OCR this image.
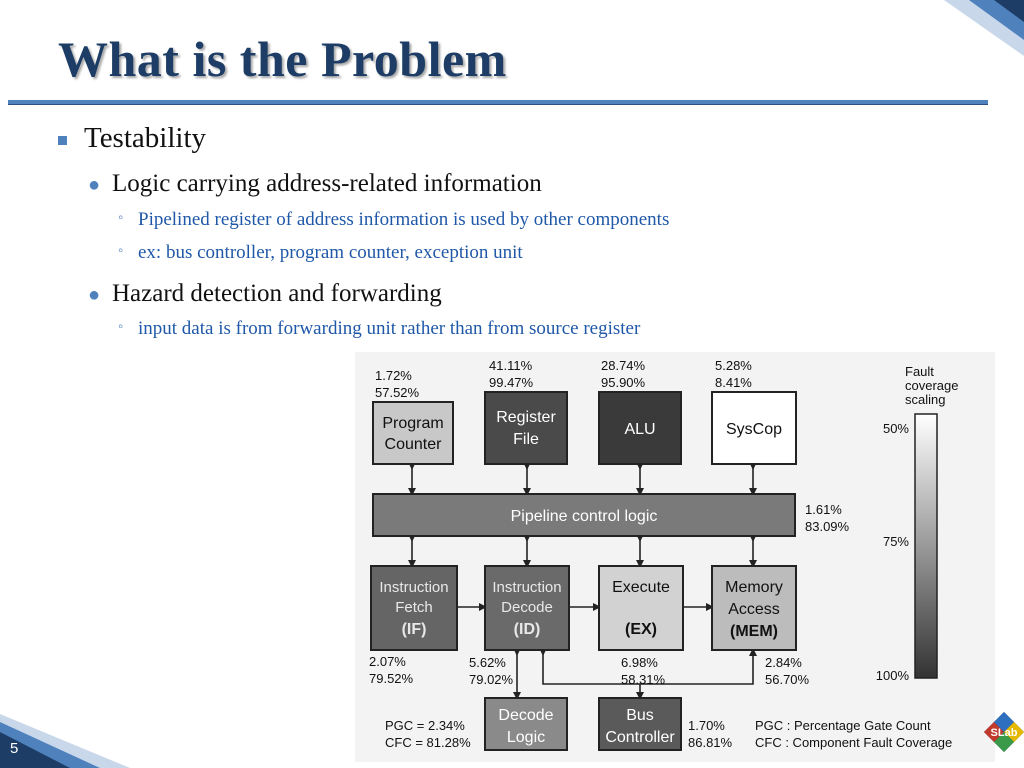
What is the Problem
Testability
● Logic carrying address-related information
◦ Pipelined register of address information is used by other components
◦ ex: bus controller, program counter, exception unit
● Hazard detection and forwarding
◦ input data is from forwarding unit rather than from source register
Program
Counter
1.72%
57.52%
Register
File
41.11%
99.47%
ALU
28.74%
95.90%
SysCop
5.28%
8.41%
Pipeline control logic	1.61%
83.09%
Instruction
Fetch
(IF)
2.07%
79.52%
Instruction
Decode
(ID)
5.62%
79.02%
Execute
(EX)
6.98%
58.31%
Memory
Access
(MEM)
2.84%
56.70%
Decode
Logic
Bus
Controller
1.70%
86.81%
PGC = 2.34%
CFC = 81.28%
PGC : Percentage Gate Count
CFC : Component Fault Coverage
Fault
coverage
scaling
50%
75%
100%
5
SLab
